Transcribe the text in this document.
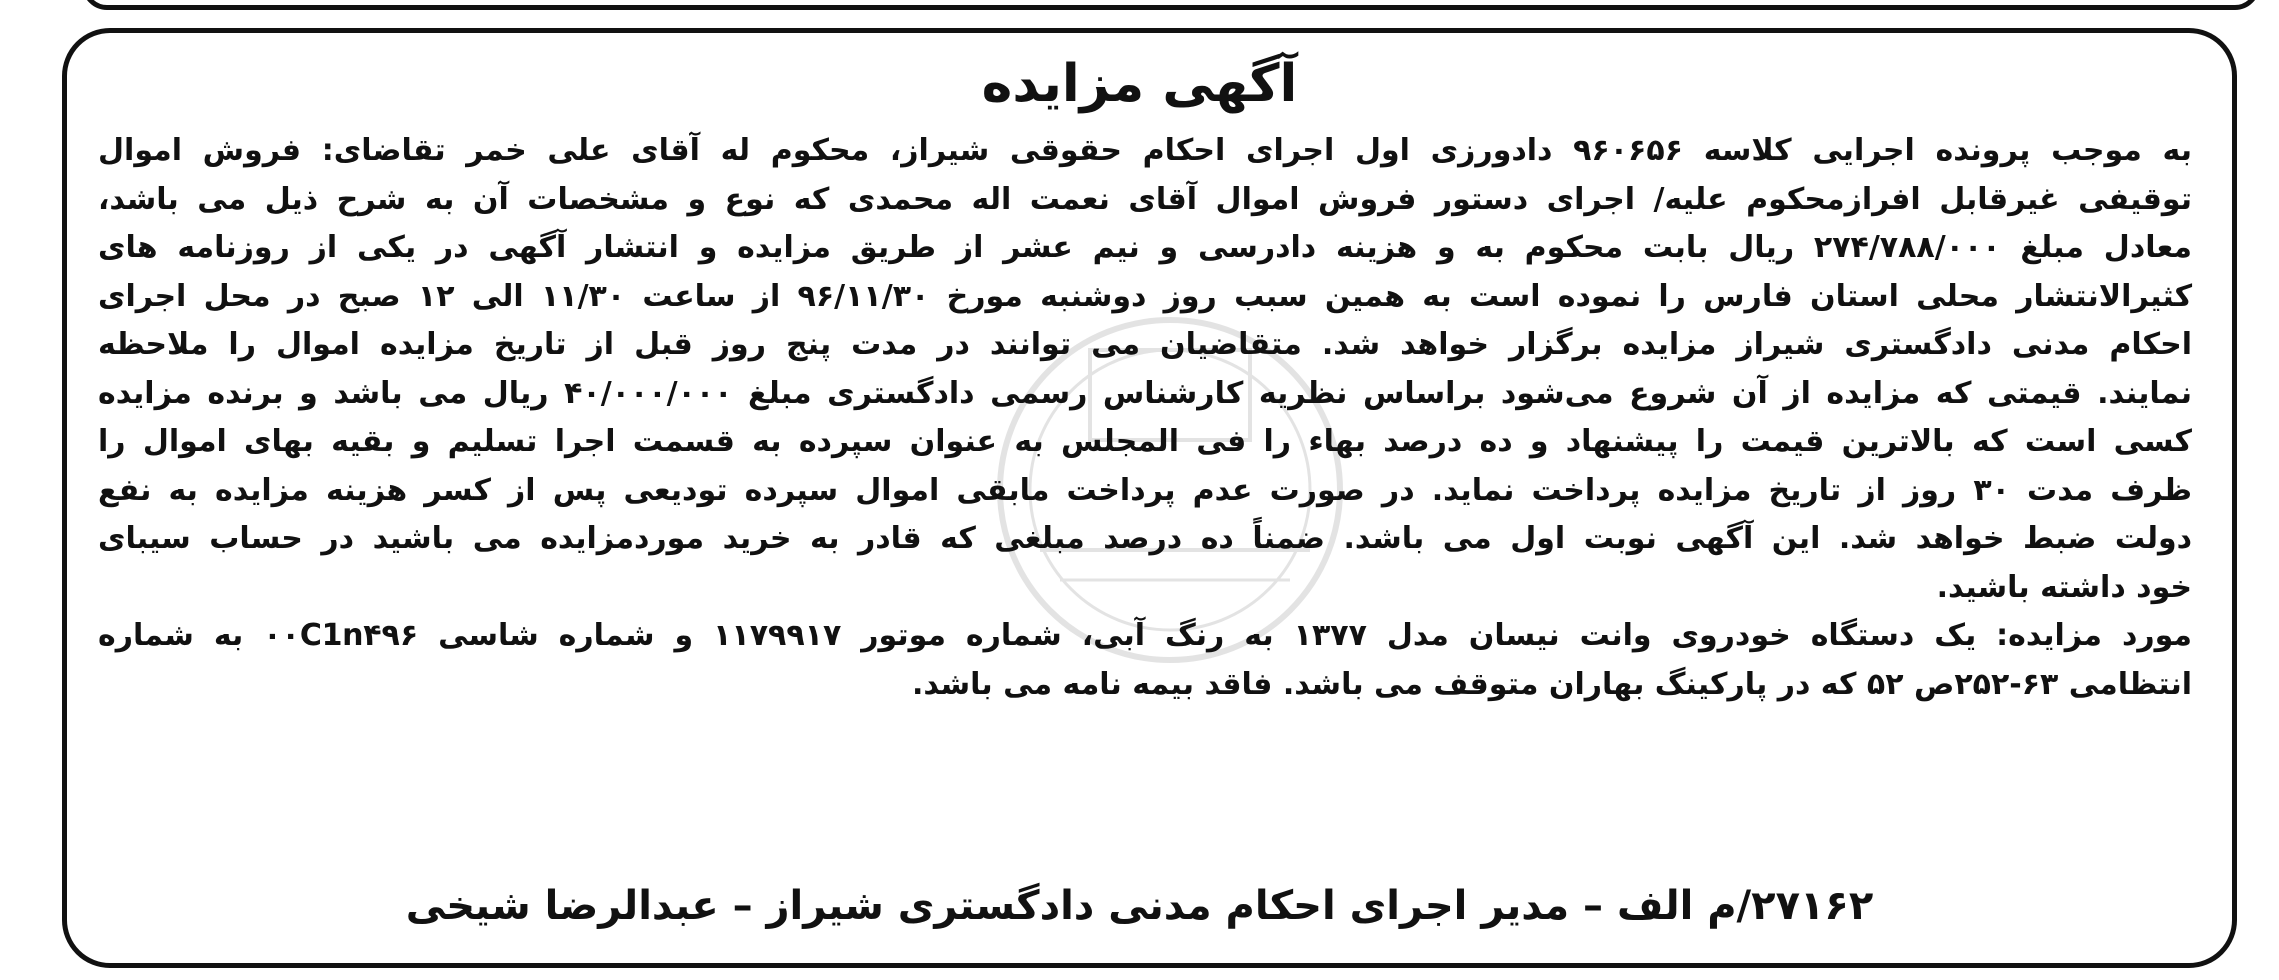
آگهی مزایده
به موجب پرونده اجرایی کلاسه ۹۶۰۶۵۶ دادورزی اول اجرای احکام حقوقی شیراز، محکوم له آقای علی خمر تقاضای: فروش اموال
توقیفی غیرقابل افرازمحکوم علیه/ اجرای دستور فروش اموال آقای نعمت اله محمدی که نوع و مشخصات آن به شرح ذیل می باشد،
معادل مبلغ ۲۷۴/۷۸۸/۰۰۰ ریال بابت محکوم به و هزینه دادرسی و نیم عشر از طریق مزایده و انتشار آگهی در یکی از روزنامه های
کثیرالانتشار محلی استان فارس را نموده است به همین سبب روز دوشنبه مورخ ۹۶/۱۱/۳۰ از ساعت ۱۱/۳۰ الی ۱۲ صبح در محل اجرای
احکام مدنی دادگستری شیراز مزایده برگزار خواهد شد. متقاضیان می توانند در مدت پنج روز قبل از تاریخ مزایده اموال را ملاحظه
نمایند. قیمتی که مزایده از آن شروع می‌شود براساس نظریه کارشناس رسمی دادگستری مبلغ ۴۰/۰۰۰/۰۰۰ ریال می باشد و برنده مزایده
کسی است که بالاترین قیمت را پیشنهاد و ده درصد بهاء را فی المجلس به عنوان سپرده به قسمت اجرا تسلیم و بقیه بهای اموال را
ظرف مدت ۳۰ روز از تاریخ مزایده پرداخت نماید. در صورت عدم پرداخت مابقی اموال سپرده تودیعی پس از کسر هزینه مزایده به نفع
دولت ضبط خواهد شد. این آگهی نوبت اول می باشد. ضمناً ده درصد مبلغی که قادر به خرید موردمزایده می باشید در حساب سیبای
خود داشته باشید.
مورد مزایده: یک دستگاه خودروی وانت نیسان مدل ۱۳۷۷ به رنگ آبی، شماره موتور ۱۱۷۹۹۱۷ و شماره شاسی ۰۰C1n۴۹۶ به شماره
انتظامی ۶۳-۲۵۲ص ۵۲ که در پارکینگ بهاران متوقف می باشد. فاقد بیمه نامه می باشد.
۲۷۱۶۲/م الف – مدیر اجرای احکام مدنی دادگستری شیراز – عبدالرضا شیخی
